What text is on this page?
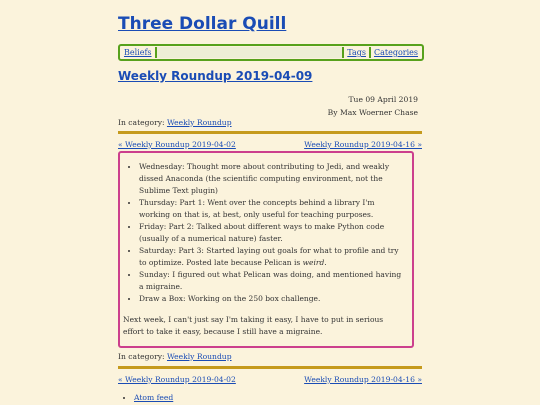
Three Dollar Quill
Beliefs	Tags	Categories
Weekly Roundup 2019-04-09
Tue 09 April 2019
By Max Woerner Chase
In category: Weekly Roundup
« Weekly Roundup 2019-04-02	Weekly Roundup 2019-04-16 »
• Wednesday: Thought more about contributing to Jedi, and weakly dissed Anaconda (the scientific computing environment, not the Sublime Text plugin)
• Thursday: Part 1: Went over the concepts behind a library I'm working on that is, at best, only useful for teaching purposes.
• Friday: Part 2: Talked about different ways to make Python code (usually of a numerical nature) faster.
• Saturday: Part 3: Started laying out goals for what to profile and try to optimize. Posted late because Pelican is weird.
• Sunday: I figured out what Pelican was doing, and mentioned having a migraine.
• Draw a Box: Working on the 250 box challenge.

Next week, I can't just say I'm taking it easy, I have to put in serious effort to take it easy, because I still have a migraine.

In category: Weekly Roundup
« Weekly Roundup 2019-04-02	Weekly Roundup 2019-04-16 »
• Atom feed
